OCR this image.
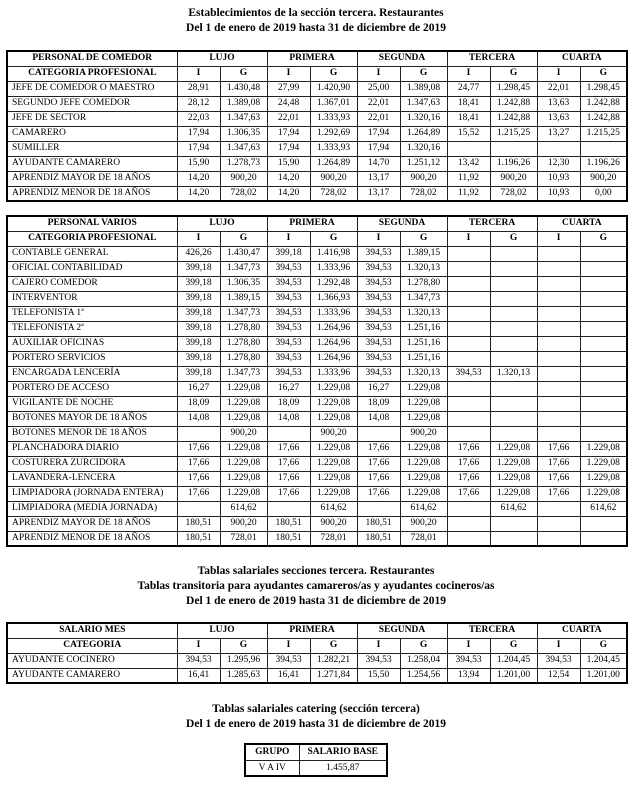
Establecimientos de la sección tercera. Restaurantes
Del 1 de enero de 2019 hasta 31 de diciembre de 2019
PERSONAL DE COMEDOR	LUJO		PRIMERA		SEGUNDA		TERCERA		CUARTA	
CATEGORIA PROFESIONAL	I	G	I	G	I	G	I	G	I	G
JEFE DE COMEDOR O MAESTRO	28,91	1.430,48	27,99	1.420,90	25,00	1.389,08	24,77	1.298,45	22,01	1.298,45
SEGUNDO JEFE COMEDOR	28,12	1.389,08	24,48	1.367,01	22,01	1.347,63	18,41	1.242,88	13,63	1.242,88
JEFE DE SECTOR	22,03	1.347,63	22,01	1.333,93	22,01	1.320,16	18,41	1.242,88	13,63	1.242,88
CAMARERO	17,94	1.306,35	17,94	1.292,69	17,94	1.264,89	15,52	1.215,25	13,27	1.215,25
SUMILLER	17,94	1.347,63	17,94	1.333,93	17,94	1.320,16				
AYUDANTE CAMARERO	15,90	1.278,73	15,90	1.264,89	14,70	1.251,12	13,42	1.196,26	12,30	1.196,26
APRENDIZ MAYOR DE 18 AÑOS	14,20	900,20	14,20	900,20	13,17	900,20	11,92	900,20	10,93	900,20
APRENDIZ MENOR DE 18 AÑOS	14,20	728,02	14,20	728,02	13,17	728,02	11,92	728,02	10,93	0,00
PERSONAL VARIOS	LUJO		PRIMERA		SEGUNDA		TERCERA		CUARTA	
CATEGORIA PROFESIONAL	I	G	I	G	I	G	I	G	I	G
CONTABLE GENERAL	426,26	1.430,47	399,18	1.416,98	394,53	1.389,15				
OFICIAL CONTABILIDAD	399,18	1.347,73	394,53	1.333,96	394,53	1.320,13				
CAJERO COMEDOR	399,18	1.306,35	394,53	1.292,48	394,53	1.278,80				
INTERVENTOR	399,18	1.389,15	394,53	1.366,93	394,53	1.347,73				
TELEFONISTA 1ª	399,18	1.347,73	394,53	1.333,96	394,53	1.320,13				
TELEFONISTA 2ª	399,18	1.278,80	394,53	1.264,96	394,53	1.251,16				
AUXILIAR OFICINAS	399,18	1.278,80	394,53	1.264,96	394,53	1.251,16				
PORTERO SERVICIOS	399,18	1.278,80	394,53	1.264,96	394,53	1.251,16				
ENCARGADA LENCERÍA	399,18	1.347,73	394,53	1.333,96	394,53	1.320,13	394,53	1.320,13		
PORTERO DE ACCESO	16,27	1.229,08	16,27	1.229,08	16,27	1.229,08				
VIGILANTE DE NOCHE	18,09	1.229,08	18,09	1.229,08	18,09	1.229,08				
BOTONES MAYOR DE 18 AÑOS	14,08	1.229,08	14,08	1.229,08	14,08	1.229,08				
BOTONES MENOR DE 18 AÑOS		900,20		900,20		900,20				
PLANCHADORA DIARIO	17,66	1.229,08	17,66	1.229,08	17,66	1.229,08	17,66	1.229,08	17,66	1.229,08
COSTURERA ZURCIDORA	17,66	1.229,08	17,66	1.229,08	17,66	1.229,08	17,66	1.229,08	17,66	1.229,08
LAVANDERA-LENCERA	17,66	1.229,08	17,66	1.229,08	17,66	1.229,08	17,66	1.229,08	17,66	1.229,08
LIMPIADORA (JORNADA ENTERA)	17,66	1.229,08	17,66	1.229,08	17,66	1.229,08	17,66	1.229,08	17,66	1.229,08
LIMPIADORA (MEDIA JORNADA)		614,62		614,62		614,62		614,62		614,62
APRENDIZ MAYOR DE 18 AÑOS	180,51	900,20	180,51	900,20	180,51	900,20				
APRENDIZ MENOR DE 18 AÑOS	180,51	728,01	180,51	728,01	180,51	728,01				
Tablas salariales secciones tercera. Restaurantes
Tablas transitoria para ayudantes camareros/as y ayudantes cocineros/as
Del 1 de enero de 2019 hasta 31 de diciembre de 2019
SALARIO MES	LUJO		PRIMERA		SEGUNDA		TERCERA		CUARTA	
CATEGORIA	I	G	I	G	I	G	I	G	I	G
AYUDANTE COCINERO	394,53	1.295,96	394,53	1.282,21	394,53	1.258,04	394,53	1.204,45	394,53	1.204,45
AYUDANTE CAMARERO	16,41	1.285,63	16,41	1.271,84	15,50	1.254,56	13,94	1.201,00	12,54	1.201,00
Tablas salariales catering (sección tercera)
Del 1 de enero de 2019 hasta 31 de diciembre de 2019
GRUPO	SALARIO BASE
V A IV	1.455,87
